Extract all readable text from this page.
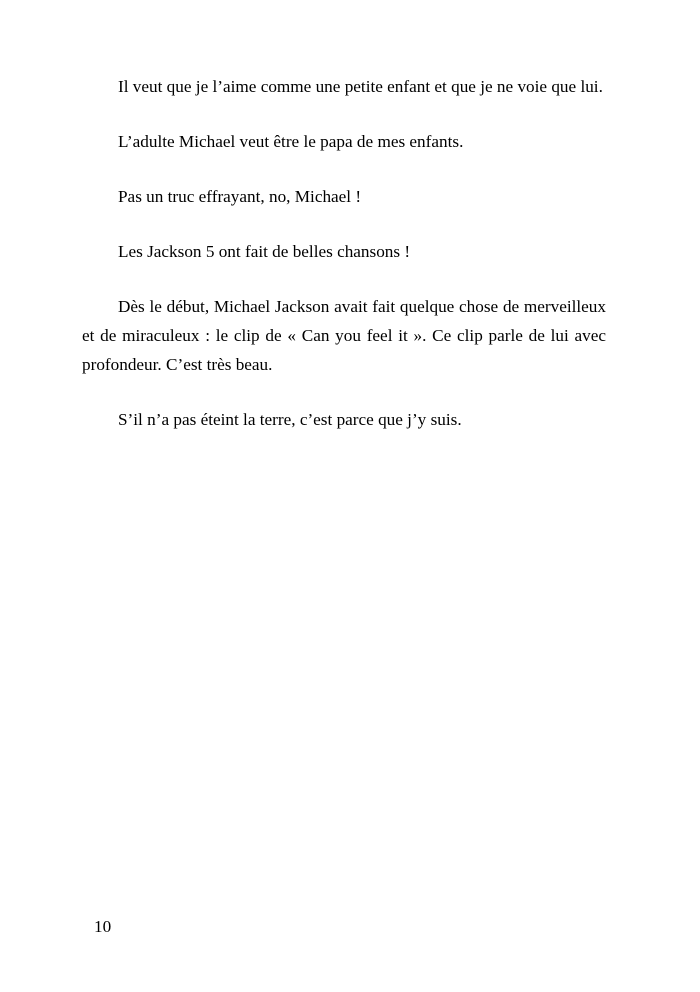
Il veut que je l’aime comme une petite enfant et que je ne voie que lui.

L’adulte Michael veut être le papa de mes enfants.

Pas un truc effrayant, no, Michael !

Les Jackson 5 ont fait de belles chansons !

Dès le début, Michael Jackson avait fait quelque chose de merveilleux et de miraculeux : le clip de « Can you feel it ». Ce clip parle de lui avec profondeur. C’est très beau.

S’il n’a pas éteint la terre, c’est parce que j’y suis.

10
